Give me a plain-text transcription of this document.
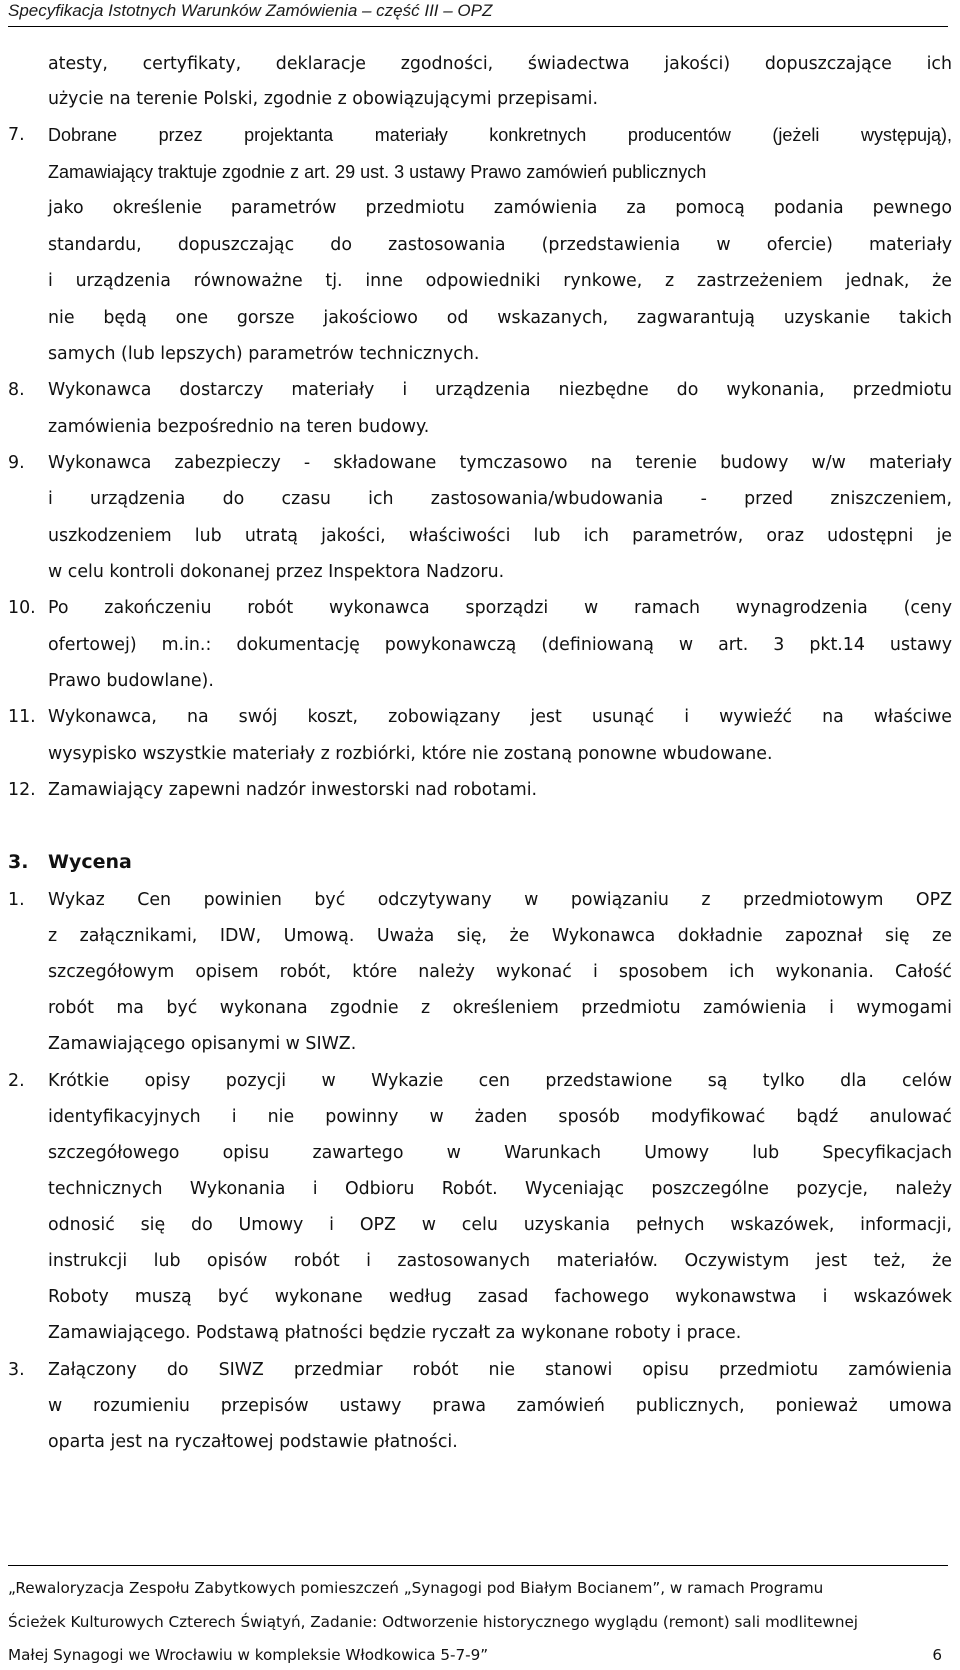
Specyfikacja Istotnych Warunków Zamówienia – część III – OPZ
atesty, certyfikaty, deklaracje zgodności, świadectwa jakości) dopuszczające ich
użycie na terenie Polski, zgodnie z obowiązującymi przepisami.
7. Dobrane przez projektanta materiały konkretnych producentów (jeżeli występują),
Zamawiający traktuje zgodnie z art. 29 ust. 3 ustawy Prawo zamówień publicznych
jako określenie parametrów przedmiotu zamówienia za pomocą podania pewnego
standardu, dopuszczając do zastosowania (przedstawienia w ofercie) materiały
i urządzenia równoważne tj. inne odpowiedniki rynkowe, z zastrzeżeniem jednak, że
nie będą one gorsze jakościowo od wskazanych, zagwarantują uzyskanie takich
samych (lub lepszych) parametrów technicznych.
8. Wykonawca dostarczy materiały i urządzenia niezbędne do wykonania, przedmiotu
zamówienia bezpośrednio na teren budowy.
9. Wykonawca zabezpieczy - składowane tymczasowo na terenie budowy w/w materiały
i urządzenia do czasu ich zastosowania/wbudowania - przed zniszczeniem,
uszkodzeniem lub utratą jakości, właściwości lub ich parametrów, oraz udostępni je
w celu kontroli dokonanej przez Inspektora Nadzoru.
10. Po zakończeniu robót wykonawca sporządzi w ramach wynagrodzenia (ceny
ofertowej) m.in.: dokumentację powykonawczą (definiowaną w art. 3 pkt.14 ustawy
Prawo budowlane).
11. Wykonawca, na swój koszt, zobowiązany jest usunąć i wywieźć na właściwe
wysypisko wszystkie materiały z rozbiórki, które nie zostaną ponowne wbudowane.
12. Zamawiający zapewni nadzór inwestorski nad robotami.
3. Wycena
1. Wykaz Cen powinien być odczytywany w powiązaniu z przedmiotowym OPZ
z załącznikami, IDW, Umową. Uważa się, że Wykonawca dokładnie zapoznał się ze
szczegółowym opisem robót, które należy wykonać i sposobem ich wykonania. Całość
robót ma być wykonana zgodnie z określeniem przedmiotu zamówienia i wymogami
Zamawiającego opisanymi w SIWZ.
2. Krótkie opisy pozycji w Wykazie cen przedstawione są tylko dla celów
identyfikacyjnych i nie powinny w żaden sposób modyfikować bądź anulować
szczegółowego opisu zawartego w Warunkach Umowy lub Specyfikacjach
technicznych Wykonania i Odbioru Robót. Wyceniając poszczególne pozycje, należy
odnosić się do Umowy i OPZ w celu uzyskania pełnych wskazówek, informacji,
instrukcji lub opisów robót i zastosowanych materiałów. Oczywistym jest też, że
Roboty muszą być wykonane według zasad fachowego wykonawstwa i wskazówek
Zamawiającego. Podstawą płatności będzie ryczałt za wykonane roboty i prace.
3. Załączony do SIWZ przedmiar robót nie stanowi opisu przedmiotu zamówienia
w rozumieniu przepisów ustawy prawa zamówień publicznych, ponieważ umowa
oparta jest na ryczałtowej podstawie płatności.
„Rewaloryzacja Zespołu Zabytkowych pomieszczeń „Synagogi pod Białym Bocianem”, w ramach Programu
Ścieżek Kulturowych Czterech Świątyń, Zadanie: Odtworzenie historycznego wyglądu (remont) sali modlitewnej
Małej Synagogi we Wrocławiu w kompleksie Włodkowica 5-7-9”	6
